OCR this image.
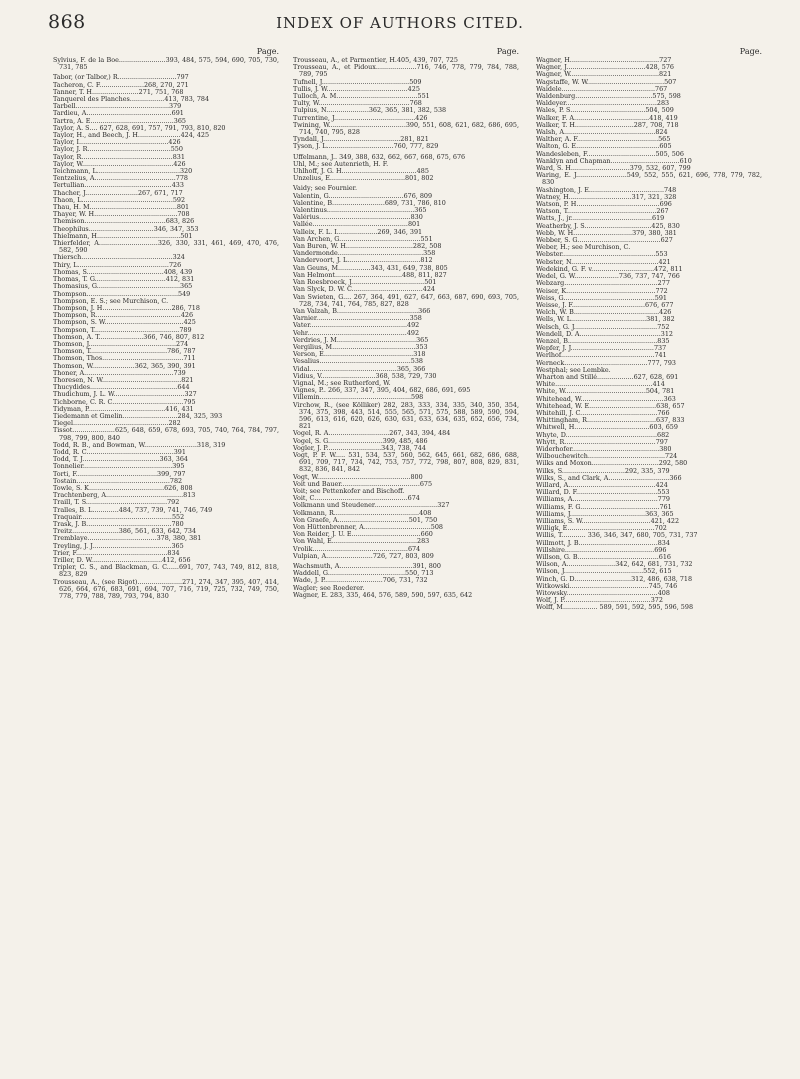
868	INDEX OF AUTHORS CITED.
Page.

Sylvius, F. de la Boe.......................393, 484, 575, 594, 690, 705, 730, 731, 785

Tabor, (or Talbor,) R.............................797

Tacheron, C. F......................268, 270, 271

Tanner, T. H.......................271, 751, 768

Tanquerel des Planches.................413, 783, 784

Tarbell..............................................379

Tardieu, A..........................................691

Tartra, A. E.........................................365

Taylor, A. S.... 627, 628, 691, 757, 791, 793, 810, 820

Taylor, H., and Beech, J. H.....................424, 425

Taylor, I............................................426

Taylor, J. R.........................................550

Taylor, R.............................................831

Taylor, W.............................................426

Teichmann, L.........................................320

Tentzelius, A........................................778

Tertullian...........................................433

Thacher, J..........................267, 671, 717

Thaon, L.............................................592

Thau, H. M...........................................801

Thayer, W. H.........................................708

Themison........................................683, 826

Theophilus................................346, 347, 353

Thielmann, H.........................................501

Thierfelder, A.............................326, 330, 331, 461, 469, 470, 476, 582, 590

Thiersch.............................................324

Thiry, L.............................................726

Thomas, S......................................408, 439

Thomas, T. G...................................412, 831

Thomasius, G.........................................365

Thompson.............................................549

Thompson, E. S.; see Murchison, C.

Thompson, J. H..................................286, 718

Thompson, R..........................................426

Thompson, S. W.......................................425

Thompson, T..........................................789

Thomson, A. T......................366, 746, 807, 812

Thomson, J...........................................274

Thomson, T......................................786, 787

Thomson, Thos........................................711

Thomson, W.....................362, 365, 390, 391

Thoner, A............................................739

Thoresen, N. W.......................................821

Thucydides...........................................644

Thudichum, J. L. W...................................327

Tichborne, C. R. C...................................795

Tidyman, P......................................416, 431

Tiedemann et Gmelin...........................284, 325, 393

Tiegel...............................................282

Tissot.....................625, 648, 659, 678, 693, 705, 740, 764, 784, 797, 798, 799, 800, 840

Todd, R. B., and Bowman, W..........................318, 319

Todd, R. C...........................................391

Todd, T. J......................................363, 364

Tonnelier............................................395

Torti, F........................................399, 797

Tostain..............................................782

Towle, S. K.....................................626, 808

Trachtenberg, A......................................813

Traill, T. S........................................792

Tralles, B. L.............484, 737, 739, 741, 746, 749

Traquair.............................................552

Trask, J. B..........................................780

Treitz.......................386, 561, 633, 642, 734

Tremblaye..................................378, 380, 381

Treyling, J. J.......................................365

Trier, F.............................................834

Triller, D. W...................................412, 656

Tripler, C. S., and Blackman, G. C......691, 707, 743, 749, 812, 818, 823, 829

Trousseau, A., (see Rigot)......................271, 274, 347, 395, 407, 414, 626, 664, 676, 683, 691, 694, 707, 716, 719, 725, 732, 749, 750, 778, 779, 788, 789, 793, 794, 830

Page.

Trousseau, A., et Parmentier, H.405, 439, 707, 725

Trousseau, A., et Pidoux....................716, 746, 778, 779, 784, 788, 789, 795

Tufnell, J...........................................509

Tullis, J. W........................................425

Tulloch, A. M........................................551

Tulty, W.............................................768

Tulpius, N.....................362, 365, 381, 382, 538

Turrentine, J........................................426

Twining, W......................................390, 551, 608, 621, 682, 686, 695, 714, 740, 795, 828

Tyndall, J......................................281, 821

Tyson, J. L.................................760, 777, 829

Uffelmann, J.. 349, 388, 632, 662, 667, 668, 675, 676

Uhl, M.; see Autenrieth, H. F.

Uhlhoff, J. G. H.....................................485

Unzelius, E.....................................801, 802

Vaidy; see Fournier.

Valentin, G.....................................676, 809

Valentine, B..........................689, 731, 786, 810

Valentinus...........................................365

Valérius.............................................830

Vallée...............................................801

Valleix, F. L. I....................269, 346, 391

Van Archen, G........................................551

Van Buren, W. H.................................282, 508

Vandermonde..........................................358

Vandervoort, J. L....................................812

Van Geuns, M................343, 431, 649, 738, 805

Van Helmont.................................488, 811, 827

Van Roesbroeck, J....................................501

Van Slyck, D. W. C...................................424

Van Swieten, G.... 267, 364, 491, 627, 647, 663, 687, 690, 693, 705, 728, 734, 741, 764, 785, 827, 828

Van Valzah, B........................................366

Varnier..............................................358

Vater................................................492

Vehr.................................................492

Verdries, J. M.......................................365

Vergilius, M.........................................353

Verson, E............................................318

Vesalius.............................................538

Vidal...........................................365, 366

Vidius, V...........................368, 538, 729, 730

Vignal, M.; see Rutherford, W.

Vignes, P.. 266, 337, 347, 395, 404, 682, 686, 691, 695

Villemin.............................................598

Virchow, R., (see Kölliker) 282, 283, 333, 334, 335, 340, 350, 354, 374, 375, 398, 443, 514, 555, 565, 571, 575, 588, 589, 590, 594, 596, 613, 616, 620, 626, 630, 631, 633, 634, 635, 652, 656, 734, 821

Vogel, R. A..............................267, 343, 394, 484

Vogel, S. G...........................399, 485, 486

Vogler, J. P...........................343, 738, 744

Vogt, P. F. W..... 531, 534, 537, 560, 562, 645, 661, 682, 686, 688, 691, 709, 717, 734, 742, 753, 757, 772, 798, 807, 808, 829, 831, 832, 836, 841, 842

Vogt, W..............................................800

Voit und Bauer.......................................675

Voit; see Pettenkofer and Bischoff.

Voit, C..............................................674

Volkmann und Steudener...............................327

Volkmann, R..........................................408

Von Graefe, A...................................501, 750

Von Hüttenbrenner, A.................................508

Von Reider, J. U. E..................................660

Von Wahl, E..........................................283

Vrolik...............................................674

Vulpian, A.......................726, 727, 803, 809

Wachsmuth, A....................................391, 800

Waddell, G......................................550, 713

Wade, J. P.............................706, 731, 732

Wagler; see Roederer.

Wagner, E. 283, 335, 464, 576, 589, 590, 597, 635, 642

Page.

Wagner, H............................................727

Wagner, J.......................................428, 576

Wagner, W............................................821

Wagstaffe, W. W......................................507

Waidele..............................................767

Waldenburg......................................575, 598

Waldeyer.............................................283

Wales, P. S.....................................504, 509

Walker, F. A.....................................418, 419

Walker, T. H.............................287, 708, 718

Walsh, A.............................................824

Walther, A. F........................................565

Walton, G. E.........................................605

Wandesleben, F..................................505, 506

Wanklyn and Chapman..................................610

Ward, S. H.............................379, 532, 607, 799

Waring, E. J.........................549, 552, 555, 621, 696, 778, 779, 782, 830

Washington, J. E.....................................748

Watney, H...............................317, 321, 328

Watson, P. H.........................................696

Watson, T............................................267

Watts, J., jr........................................619

Weatherby, J. S.................................425, 830

Webb, W. H.............................379, 380, 381

Webber, S. G.........................................627

Weber, H.; see Murchison, C.

Webster..............................................553

Webster, N...........................................421

Wedekind, G. F. v...............................472, 811

Wedel, G. W......................736, 737, 747, 766

Webzarg..............................................277

Weiser, K............................................772

Weiss, G.............................................591

Weisse, J. F....................................676, 677

Welch, W. B..........................................426

Wells, W. L.....................................381, 382

Welsch, G. J.........................................752

Wendell, D. A........................................312

Wenzel, B............................................835

Wepfer, J. J.........................................737

Werlhof..............................................741

Werneck.........................................777, 793

Westphal; see Lembke.

Wharton and Stillé..................627, 628, 691

White................................................414

White, W........................................504, 781

Whitehead, W.........................................363

Whitehead, W. E.................................638, 657

Whitehill, J. C......................................766

Whittingham, R..................................637, 833

Whitwell, H.....................................603, 659

Whyte, D.............................................682

Whytt, R.............................................797

Widerhofer...........................................380

Wilbouchewitch......................................724

Wilks and Moxon.................................292, 580

Wilks, S...............................292, 335, 379

Wilks, S., and Clark, A..............................366

Willard, A...........................................424

Willard, D. F........................................553

Williams, A..........................................779

Williams, F. G.......................................761

Williams, J.....................................363, 365

Williams, S. W..................................421, 422

Willigk, E...........................................702

Willis, T............ 336, 346, 347, 680, 705, 731, 737

Willmott, J. B.......................................834

Willshire............................................696

Willson, G. B........................................616

Wilson, A........................342, 642, 681, 731, 732

Wilson, J.......................................552, 615

Winch, G. D............................312, 486, 638, 718

Witkowski.......................................745, 746

Witowsky.............................................408

Wolf, J. P...........................................372

Wolff, M................. 589, 591, 592, 595, 596, 598
